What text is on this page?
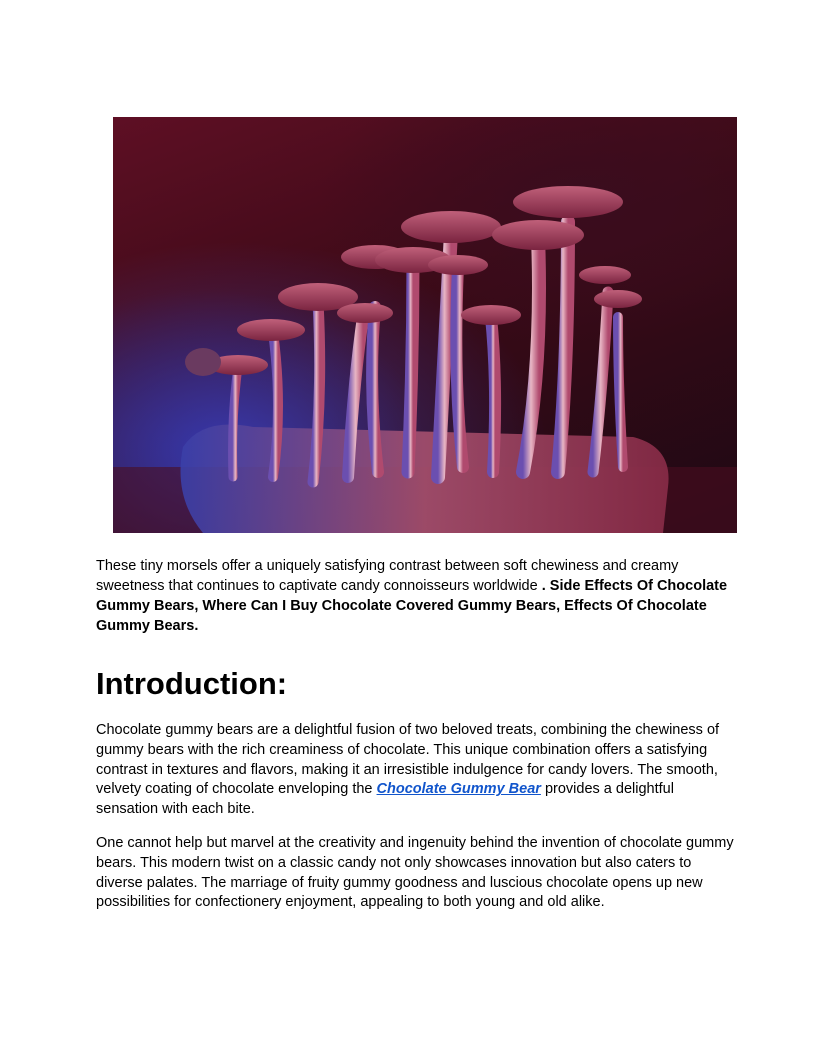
These tiny morsels offer a uniquely satisfying contrast between soft chewiness and creamy sweetness that continues to captivate candy connoisseurs worldwide . Side Effects Of Chocolate Gummy Bears, Where Can I Buy Chocolate Covered Gummy Bears, Effects Of Chocolate Gummy Bears.
Introduction:

Chocolate gummy bears are a delightful fusion of two beloved treats, combining the chewiness of gummy bears with the rich creaminess of chocolate. This unique combination offers a satisfying contrast in textures and flavors, making it an irresistible indulgence for candy lovers. The smooth, velvety coating of chocolate enveloping the Chocolate Gummy Bear provides a delightful sensation with each bite.

One cannot help but marvel at the creativity and ingenuity behind the invention of chocolate gummy bears. This modern twist on a classic candy not only showcases innovation but also caters to diverse palates. The marriage of fruity gummy goodness and luscious chocolate opens up new possibilities for confectionery enjoyment, appealing to both young and old alike.
